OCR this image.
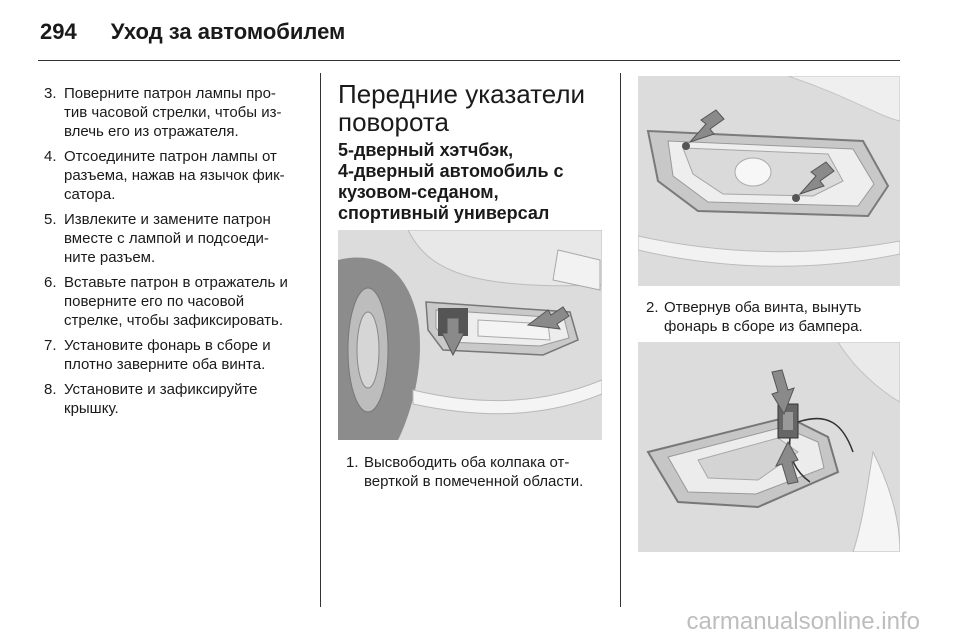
294 Уход за автомобилем
3. Поверните патрон лампы про-
тив часовой стрелки, чтобы из-
влечь его из отражателя.
4. Отсоедините патрон лампы от
разъема, нажав на язычок фик-
сатора.
5. Извлеките и замените патрон
вместе с лампой и подсоеди-
ните разъем.
6. Вставьте патрон в отражатель и
поверните его по часовой
стрелке, чтобы зафиксировать.
7. Установите фонарь в сборе и
плотно заверните оба винта.
8. Установите и зафиксируйте
крышку.
Передние указатели
поворота
5-дверный хэтчбэк,
4-дверный автомобиль с
кузовом-седаном,
спортивный универсал
1. Высвободить оба колпака от-
верткой в помеченной области.
2. Отвернув оба винта, вынуть
фонарь в сборе из бампера.
carmanualsonline.info
